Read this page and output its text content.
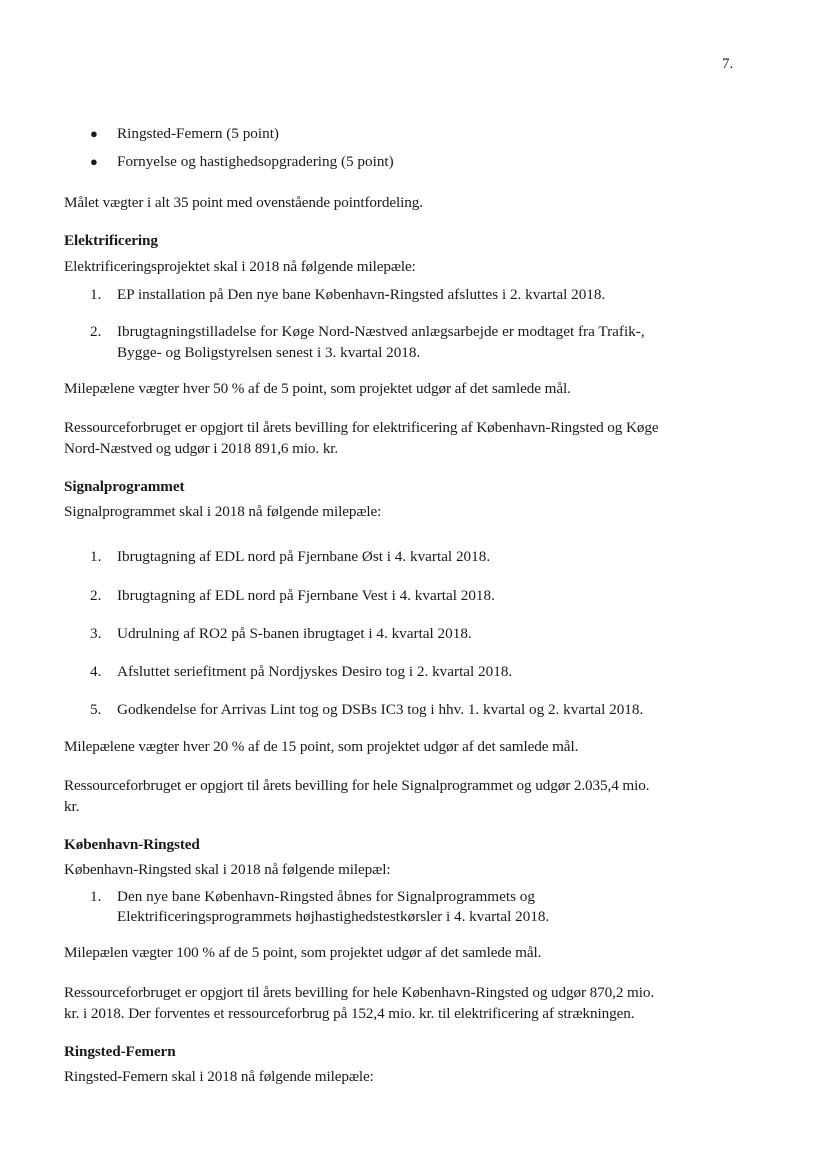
7.
● Ringsted-Femern (5 point)
● Fornyelse og hastighedsopgradering (5 point)
Målet vægter i alt 35 point med ovenstående pointfordeling.
Elektrificering
Elektrificeringsprojektet skal i 2018 nå følgende milepæle:
1. EP installation på Den nye bane København-Ringsted afsluttes i 2. kvartal 2018.
2. Ibrugtagningstilladelse for Køge Nord-Næstved anlægsarbejde er modtaget fra Trafik-,
Bygge- og Boligstyrelsen senest i 3. kvartal 2018.
Milepælene vægter hver 50 % af de 5 point, som projektet udgør af det samlede mål.
Ressourceforbruget er opgjort til årets bevilling for elektrificering af København-Ringsted og Køge
Nord-Næstved og udgør i 2018 891,6 mio. kr.
Signalprogrammet
Signalprogrammet skal i 2018 nå følgende milepæle:
1. Ibrugtagning af EDL nord på Fjernbane Øst i 4. kvartal 2018.
2. Ibrugtagning af EDL nord på Fjernbane Vest i 4. kvartal 2018.
3. Udrulning af RO2 på S-banen ibrugtaget i 4. kvartal 2018.
4. Afsluttet seriefitment på Nordjyskes Desiro tog i 2. kvartal 2018.
5. Godkendelse for Arrivas Lint tog og DSBs IC3 tog i hhv. 1. kvartal og 2. kvartal 2018.
Milepælene vægter hver 20 % af de 15 point, som projektet udgør af det samlede mål.
Ressourceforbruget er opgjort til årets bevilling for hele Signalprogrammet og udgør 2.035,4 mio.
kr.
København-Ringsted
København-Ringsted skal i 2018 nå følgende milepæl:
1. Den nye bane København-Ringsted åbnes for Signalprogrammets og
Elektrificeringsprogrammets højhastighedstestkørsler i 4. kvartal 2018.
Milepælen vægter 100 % af de 5 point, som projektet udgør af det samlede mål.
Ressourceforbruget er opgjort til årets bevilling for hele København-Ringsted og udgør 870,2 mio.
kr. i 2018. Der forventes et ressourceforbrug på 152,4 mio. kr. til elektrificering af strækningen.
Ringsted-Femern
Ringsted-Femern skal i 2018 nå følgende milepæle:
